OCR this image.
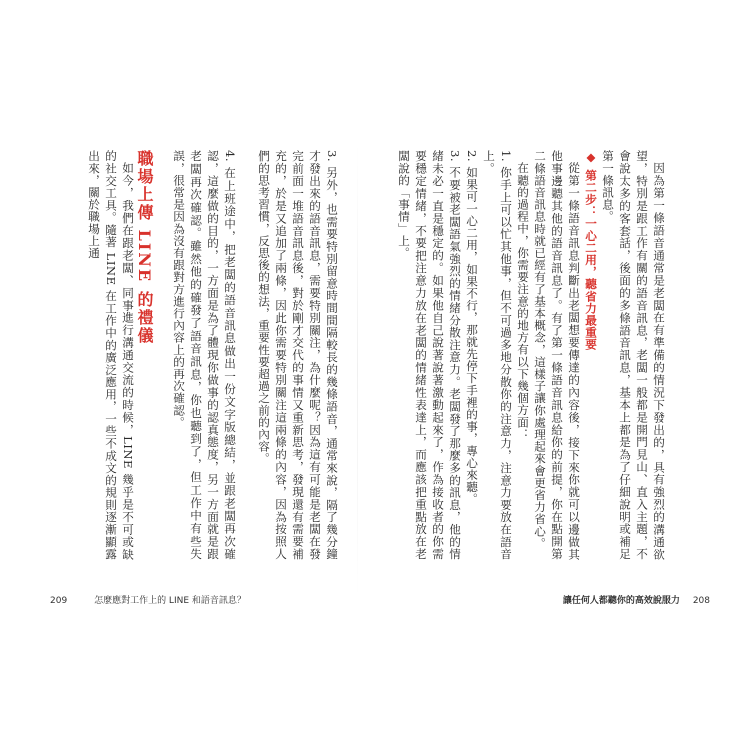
因為第一條語音通常是老闆在有準備的情況下發出的，具有強烈的溝通欲望，特別是跟工作有關的語音訊息，老闆一般都是開門見山、直入主題，不會說太多的客套話，後面的多條語音訊息，基本上都是為了仔細說明或補足第一條訊息。

◆ 第二步：一心二用，聽省力最重要

從第一條語音訊息判斷出老闆想要傳達的內容後，接下來你就可以邊做其他事邊聽其他的語音訊息了。有了第一條語音訊息給你的前提，你在點開第二條語音訊息時就已經有了基本概念，這樣子讓你處理起來會更省力省心。

在聽的過程中，你需要注意的地方有以下幾個方面：

1. 你手上可以忙其他事，但不可過多地分散你的注意力，注意力要放在語音上。

2. 如果可一心二用，如果不行，那就先停下手裡的事，專心來聽。

3. 不要被老闆語氣強烈的情緒分散注意力。老闆發了那麼多的訊息，他的情緒未必一直是穩定的。如果他自己說著說著激動起來了，作為接收者的你需要穩定情緒，不要把注意力放在老闆的情緒性表達上，而應該把重點放在老闆說的「事情」上。

3. 另外，也需要特別留意時間間隔較長的幾條語音，通常來說，隔了幾分鐘才發出來的語音訊息，需要特別關注，為什麼呢？因為這有可能是老闆在發完前面一堆語音訊息後，對於剛才交代的事情又重新思考，發現還有需要補充的，於是又追加了兩條，因此你需要特別關注這兩條的內容，因為按照人們的思考習慣，反思後的想法，重要性要超過之前的內容。

4. 在上班途中，把老闆的語音訊息做出一份文字版總結，並跟老闆再次確認，這麼做的目的，一方面是為了體現你做事的認真態度，另一方面就是跟老闆再次確認。雖然他的確發了語音訊息，你也聽到了，但工作中有些失誤，很常是因為沒有跟對方進行內容上的再次確認。

職場上傳 LINE 的禮儀

如今，我們在跟老闆、同事進行溝通交流的時候，LINE 幾乎是不可或缺的社交工具。隨著 LINE 在工作中的廣泛應用，一些不成文的規則逐漸顯露出來，關於職場上通

209	怎麼應對工作上的 LINE 和語音訊息？	讓任何人都聽你的高效說服力 208
